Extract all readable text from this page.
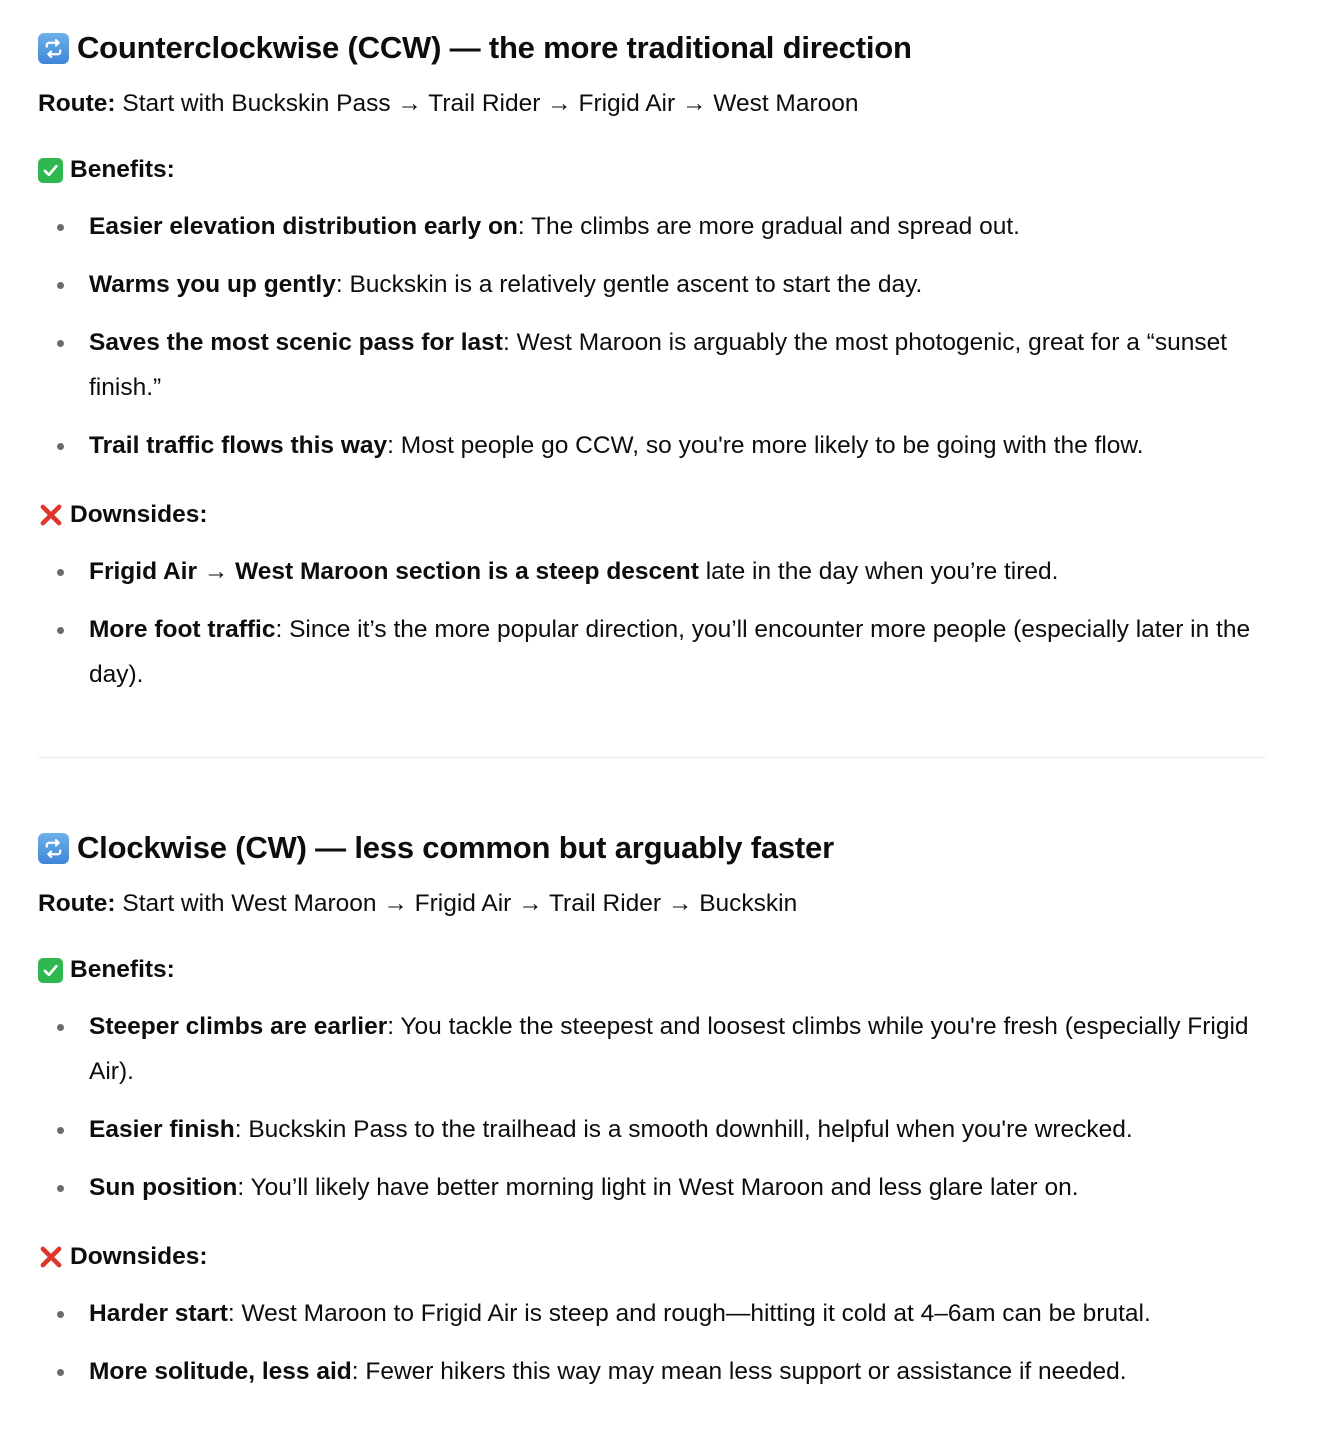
Counterclockwise (CCW) — the more traditional direction

Route: Start with Buckskin Pass → Trail Rider → Frigid Air → West Maroon

Benefits:
Easier elevation distribution early on: The climbs are more gradual and spread out.
Warms you up gently: Buckskin is a relatively gentle ascent to start the day.
Saves the most scenic pass for last: West Maroon is arguably the most photogenic, great for a “sunset finish.”
Trail traffic flows this way: Most people go CCW, so you're more likely to be going with the flow.
Downsides:
Frigid Air → West Maroon section is a steep descent late in the day when you’re tired.
More foot traffic: Since it’s the more popular direction, you’ll encounter more people (especially later in the day).
Clockwise (CW) — less common but arguably faster

Route: Start with West Maroon → Frigid Air → Trail Rider → Buckskin

Benefits:
Steeper climbs are earlier: You tackle the steepest and loosest climbs while you're fresh (especially Frigid Air).
Easier finish: Buckskin Pass to the trailhead is a smooth downhill, helpful when you're wrecked.
Sun position: You’ll likely have better morning light in West Maroon and less glare later on.
Downsides:
Harder start: West Maroon to Frigid Air is steep and rough—hitting it cold at 4–6am can be brutal.
More solitude, less aid: Fewer hikers this way may mean less support or assistance if needed.
